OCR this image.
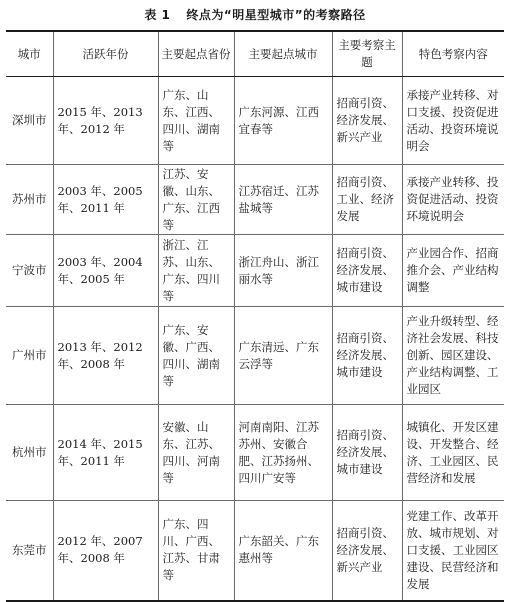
表 1 终点为“明星型城市”的考察路径
城市	活跃年份	主要起点省份	主要起点城市	主要考察主题	特色考察内容
深圳市	2015 年、2013 年、2012 年	广东、山东、江西、四川、湖南等	广东河源、江西宜春等	招商引资、经济发展、新兴产业	承接产业转移、对口支援、投资促进活动、投资环境说明会
苏州市	2003 年、2005 年、2011 年	江苏、安徽、山东、广东、江西等	江苏宿迁、江苏盐城等	招商引资、工业、经济发展	承接产业转移、投资促进活动、投资环境说明会
宁波市	2003 年、2004 年、2005 年	浙江、江苏、山东、广东、四川等	浙江舟山、浙江丽水等	招商引资、经济发展、城市建设	产业园合作、招商推介会、产业结构调整
广州市	2013 年、2012 年、2008 年	广东、安徽、广西、四川、湖南等	广东清远、广东云浮等	招商引资、经济发展、城市建设	产业升级转型、经济社会发展、科技创新、园区建设、产业结构调整、工业园区
杭州市	2014 年、2015 年、2011 年	安徽、山东、江苏、四川、河南等	河南南阳、江苏苏州、安徽合肥、江苏扬州、四川广安等	招商引资、经济发展、城市建设	城镇化、开发区建设、开发整合、经济、工业园区、民营经济和发展
东莞市	2012 年、2007 年、2008 年	广东、四川、广西、江苏、甘肃等	广东韶关、广东惠州等	招商引资、经济发展、新兴产业	党建工作、改革开放、城市规划、对口支援、工业园区建设、民营经济和发展
